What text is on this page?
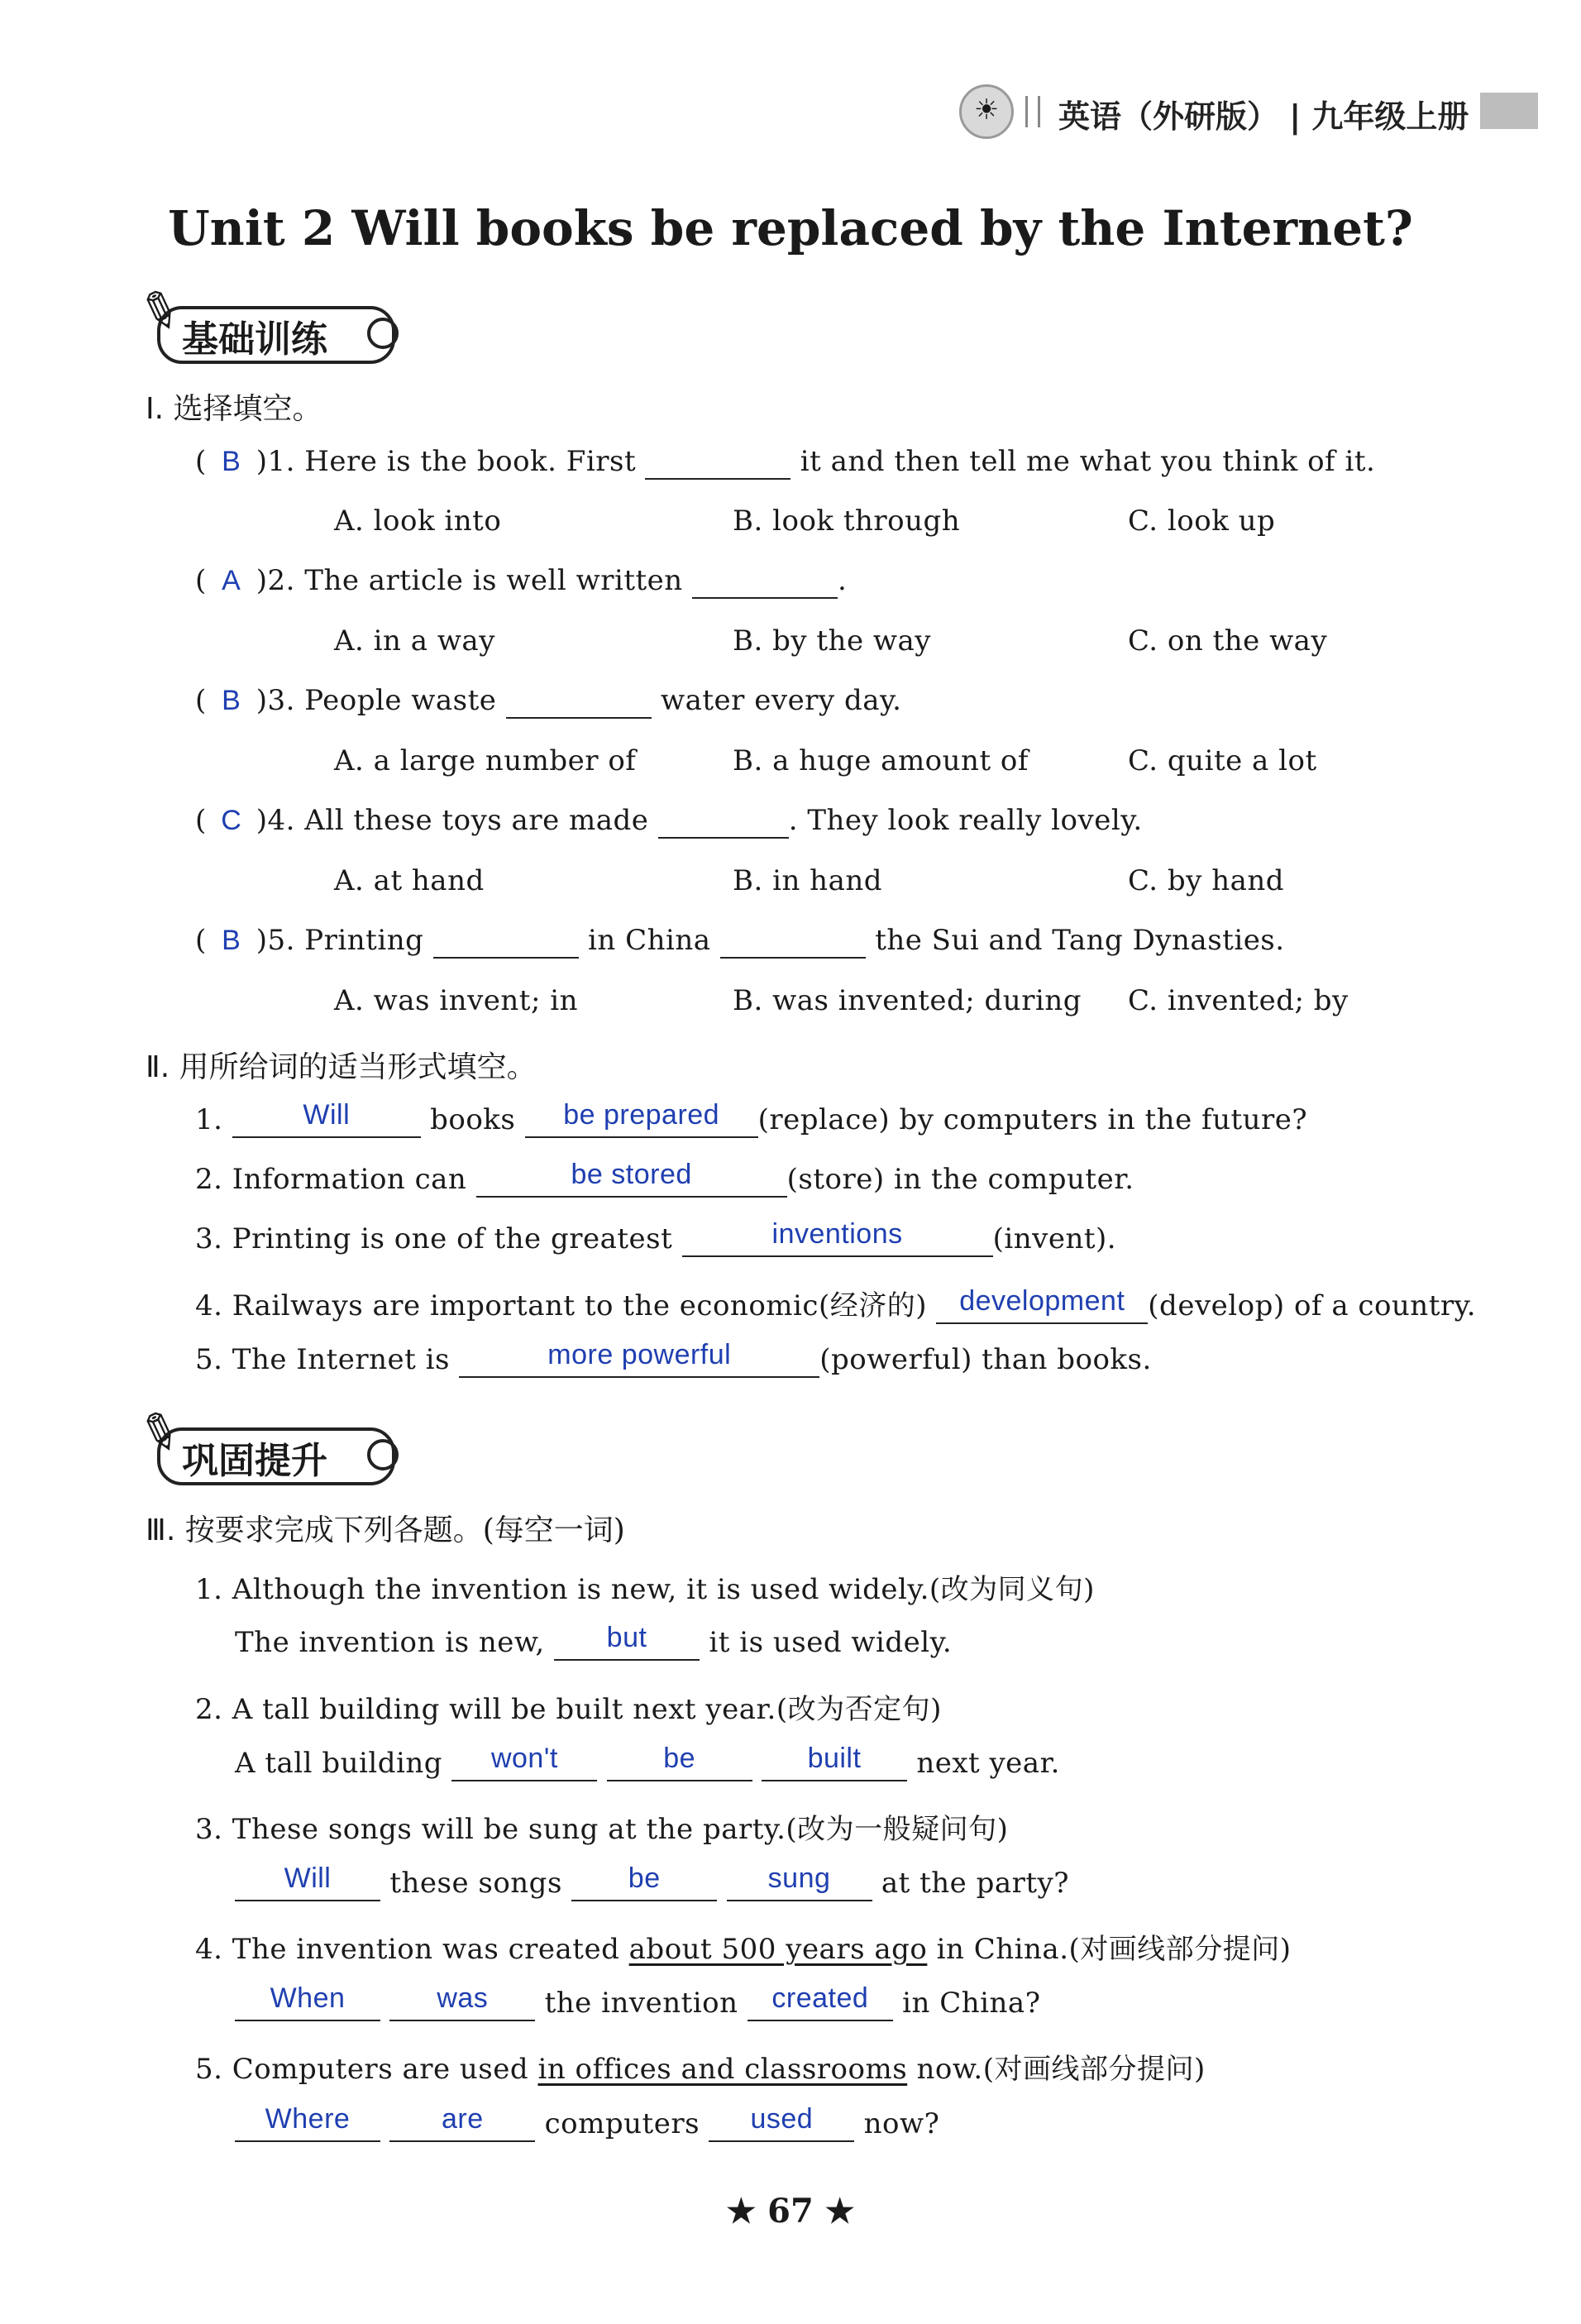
☀	英语（外研版） | 九年级上册
Unit 2 Will books be replaced by the Internet?
✎
基础训练
Ⅰ. 选择填空。
( B )1. Here is the book. First	it and then tell me what you think of it.
A. look into	B. look through	C. look up
( A )2. The article is well written	.
A. in a way	B. by the way	C. on the way
( B )3. People waste	water every day.
A. a large number of	B. a huge amount of	C. quite a lot
( C )4. All these toys are made	. They look really lovely.
A. at hand	B. in hand	C. by hand
( B )5. Printing	in China	the Sui and Tang Dynasties.
A. was invent; in	B. was invented; during C. invented; by
Ⅱ. 用所给词的适当形式填空。
1.	Will	books	be prepared	(replace) by computers in the future?
2. Information can	be stored	(store) in the computer.
3. Printing is one of the greatest	inventions	(invent).
4. Railways are important to the economic(经济的)	development (develop) of a country.
5. The Internet is	more powerful	(powerful) than books.
✎
巩固提升
Ⅲ. 按要求完成下列各题。(每空一词)
1. Although the invention is new, it is used widely.(改为同义句)
The invention is new,	but	it is used widely.
2. A tall building will be built next year.(改为否定句)
A tall building	won't
	be
	built	next year.
3. These songs will be sung at the party.(改为一般疑问句)
Will	these songs	be
	sung	at the party?
4. The invention was created about 500 years ago in China.(对画线部分提问)
When
	was	the invention	created	in China?
5. Computers are used in offices and classrooms now.(对画线部分提问)
Where
	are	computers	used	now?
★ 67 ★
